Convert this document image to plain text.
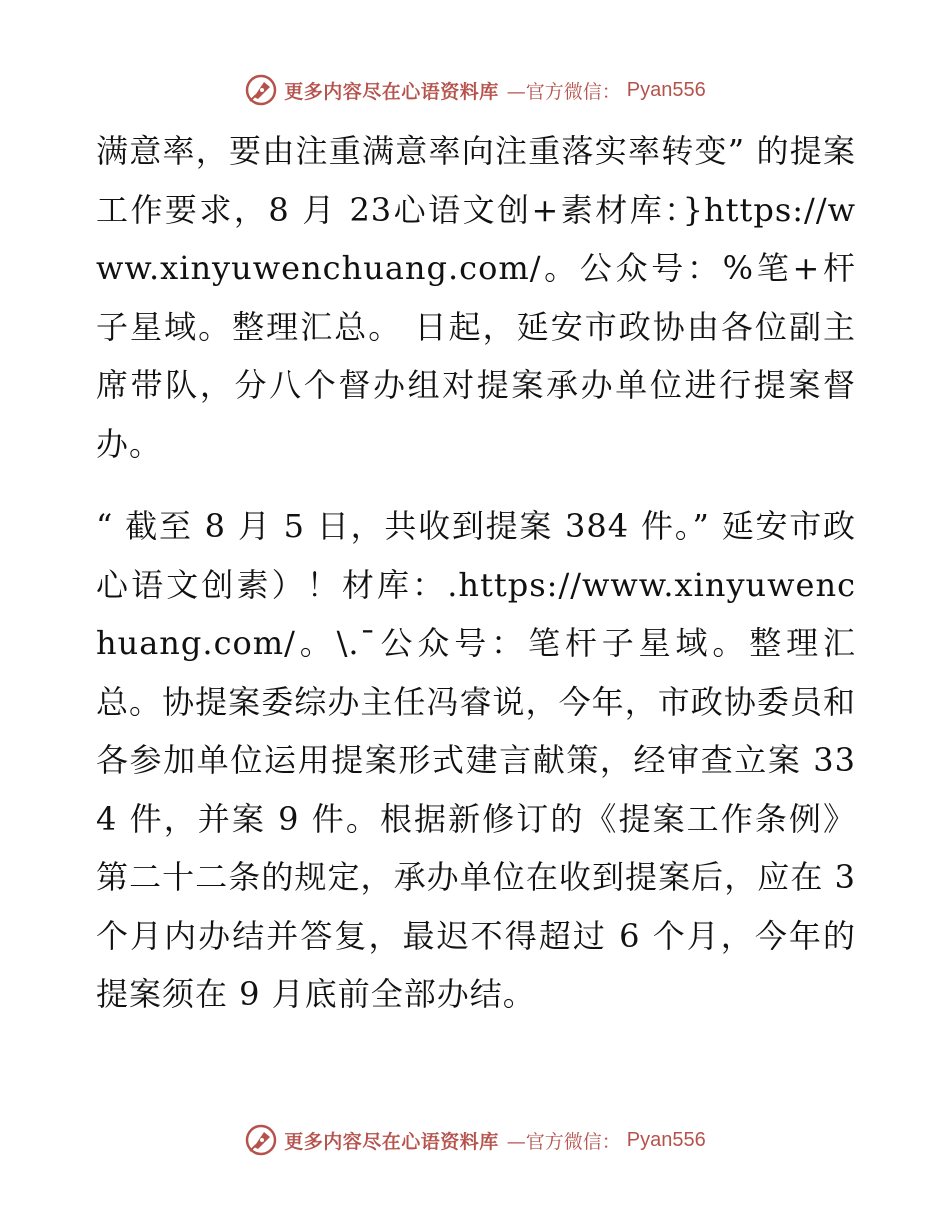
更多内容尽在心语资料库 —官方微信： Pyan556

满意率，要由注重满意率向注重落实率转变” 的提案工作要求，8 月 23心语文创+素材库：}https://www.xinyuwenchuang.com/。公众号：%笔+杆子星域。整理汇总。 日起，延安市政协由各位副主席带队，分八个督办组对提案承办单位进行提案督办。

“ 截至 8 月 5 日，共收到提案 384 件。” 延安市政心语文创素）！材库：.https://www.xinyuwenchuang.com/。\.¯公众号：笔杆子星域。整理汇总。协提案委综办主任冯睿说，今年，市政协委员和各参加单位运用提案形式建言献策，经审查立案 334 件，并案 9 件。根据新修订的《提案工作条例》第二十二条的规定，承办单位在收到提案后，应在 3 个月内办结并答复，最迟不得超过 6 个月，今年的提案须在 9 月底前全部办结。

更多内容尽在心语资料库 —官方微信： Pyan556
